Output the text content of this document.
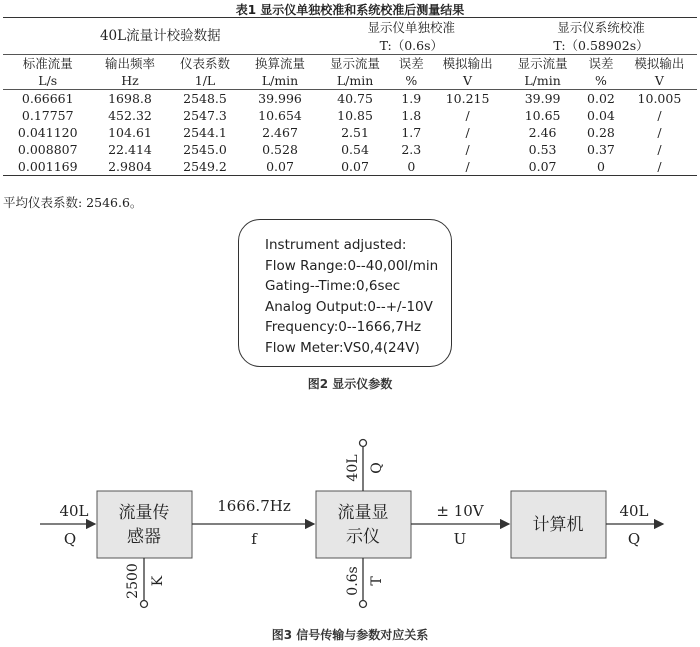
表1 显示仪单独校准和系统校准后测量结果
40L流量计校验数据				显示仪单独校准			显示仪系统校准		
				T:（0.6s）			T:（0.58902s）		
标准流量	输出频率	仪表系数	换算流量	显示流量	误差	模拟输出	显示流量	误差	模拟输出
L/s	Hz	1/L	L/min	L/min	%	V	L/min	%	V
0.66661	1698.8	2548.5	39.996	40.75	1.9	10.215	39.99	0.02	10.005
0.17757	452.32	2547.3	10.654	10.85	1.8	/	10.65	0.04	/
0.041120	104.61	2544.1	2.467	2.51	1.7	/	2.46	0.28	/
0.008807	22.414	2545.0	0.528	0.54	2.3	/	0.53	0.37	/
0.001169	2.9804	2549.2	0.07	0.07	0	/	0.07	0	/
平均仪表系数: 2546.6。
Instrument adjusted:
Flow Range:0--40,00l/min
Gating--Time:0,6sec
Analog Output:0--+/-10V
Frequency:0--1666,7Hz
Flow Meter:VS0,4(24V)
图2 显示仪参数
流量传
感器
流量显
示仪
计算机
40L
Q
1666.7Hz
f
± 10V
U
40L
Q
2500 K
40L Q
0.6s T
图3 信号传输与参数对应关系
